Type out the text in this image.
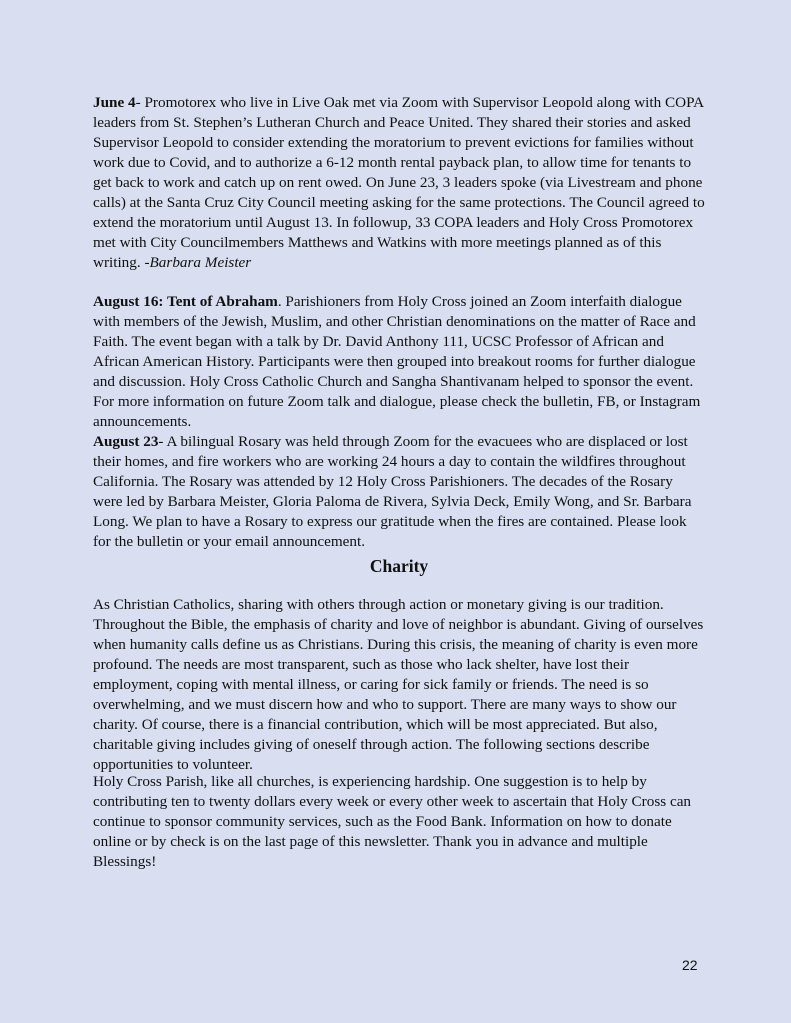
June 4- Promotorex who live in Live Oak met via Zoom with Supervisor Leopold along with COPA leaders from St. Stephen’s Lutheran Church and Peace United. They shared their stories and asked Supervisor Leopold to consider extending the moratorium to prevent evictions for families without work due to Covid, and to authorize a 6-12 month rental payback plan, to allow time for tenants to get back to work and catch up on rent owed. On June 23, 3 leaders spoke (via Livestream and phone calls) at the Santa Cruz City Council meeting asking for the same protections. The Council agreed to extend the moratorium until August 13. In followup, 33 COPA leaders and Holy Cross Promotorex met with City Councilmembers Matthews and Watkins with more meetings planned as of this writing. -Barbara Meister

August 16: Tent of Abraham. Parishioners from Holy Cross joined an Zoom interfaith dialogue with members of the Jewish, Muslim, and other Christian denominations on the matter of Race and Faith. The event began with a talk by Dr. David Anthony 111, UCSC Professor of African and African American History. Participants were then grouped into breakout rooms for further dialogue and discussion. Holy Cross Catholic Church and Sangha Shantivanam helped to sponsor the event. For more information on future Zoom talk and dialogue, please check the bulletin, FB, or Instagram announcements.

August 23- A bilingual Rosary was held through Zoom for the evacuees who are displaced or lost their homes, and fire workers who are working 24 hours a day to contain the wildfires throughout California. The Rosary was attended by 12 Holy Cross Parishioners. The decades of the Rosary were led by Barbara Meister, Gloria Paloma de Rivera, Sylvia Deck, Emily Wong, and Sr. Barbara Long. We plan to have a Rosary to express our gratitude when the fires are contained. Please look for the bulletin or your email announcement.

Charity

As Christian Catholics, sharing with others through action or monetary giving is our tradition. Throughout the Bible, the emphasis of charity and love of neighbor is abundant. Giving of ourselves when humanity calls define us as Christians. During this crisis, the meaning of charity is even more profound. The needs are most transparent, such as those who lack shelter, have lost their employment, coping with mental illness, or caring for sick family or friends. The need is so overwhelming, and we must discern how and who to support. There are many ways to show our charity. Of course, there is a financial contribution, which will be most appreciated. But also, charitable giving includes giving of oneself through action. The following sections describe opportunities to volunteer.

Holy Cross Parish, like all churches, is experiencing hardship. One suggestion is to help by contributing ten to twenty dollars every week or every other week to ascertain that Holy Cross can continue to sponsor community services, such as the Food Bank. Information on how to donate online or by check is on the last page of this newsletter. Thank you in advance and multiple Blessings!

22
